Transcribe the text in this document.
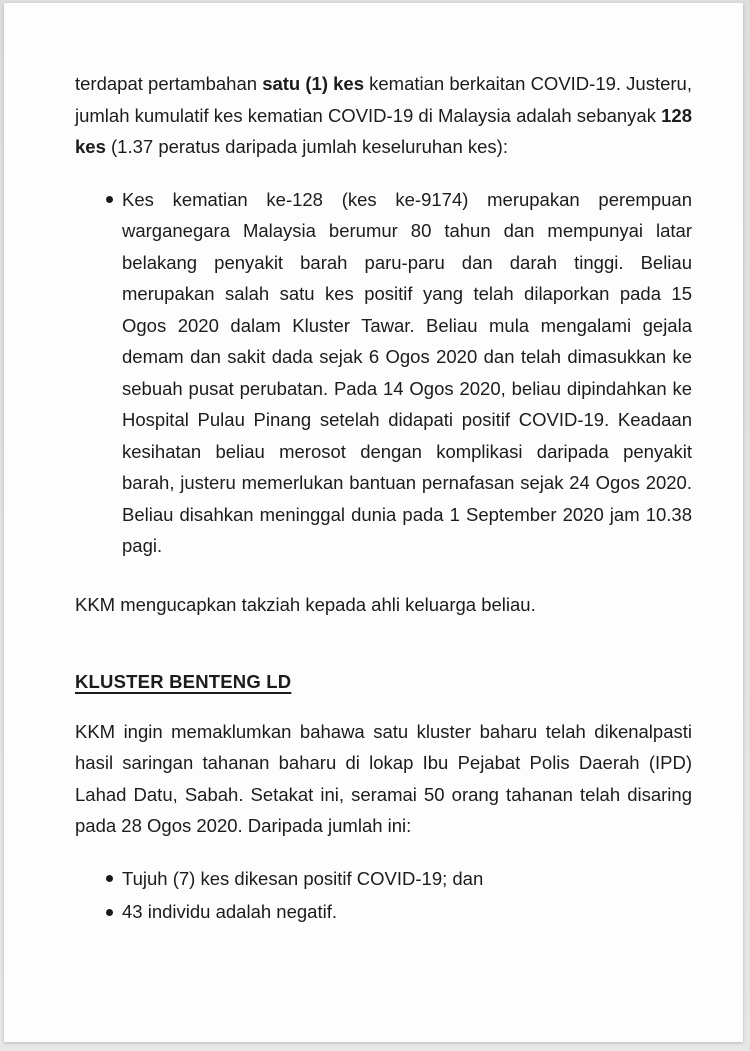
terdapat pertambahan satu (1) kes kematian berkaitan COVID-19. Justeru, jumlah kumulatif kes kematian COVID-19 di Malaysia adalah sebanyak 128 kes (1.37 peratus daripada jumlah keseluruhan kes):

Kes kematian ke-128 (kes ke-9174) merupakan perempuan warganegara Malaysia berumur 80 tahun dan mempunyai latar belakang penyakit barah paru-paru dan darah tinggi. Beliau merupakan salah satu kes positif yang telah dilaporkan pada 15 Ogos 2020 dalam Kluster Tawar. Beliau mula mengalami gejala demam dan sakit dada sejak 6 Ogos 2020 dan telah dimasukkan ke sebuah pusat perubatan. Pada 14 Ogos 2020, beliau dipindahkan ke Hospital Pulau Pinang setelah didapati positif COVID-19. Keadaan kesihatan beliau merosot dengan komplikasi daripada penyakit barah, justeru memerlukan bantuan pernafasan sejak 24 Ogos 2020. Beliau disahkan meninggal dunia pada 1 September 2020 jam 10.38 pagi.

KKM mengucapkan takziah kepada ahli keluarga beliau.

KLUSTER BENTENG LD

KKM ingin memaklumkan bahawa satu kluster baharu telah dikenalpasti hasil saringan tahanan baharu di lokap Ibu Pejabat Polis Daerah (IPD) Lahad Datu, Sabah. Setakat ini, seramai 50 orang tahanan telah disaring pada 28 Ogos 2020. Daripada jumlah ini:

Tujuh (7) kes dikesan positif COVID-19; dan
43 individu adalah negatif.
